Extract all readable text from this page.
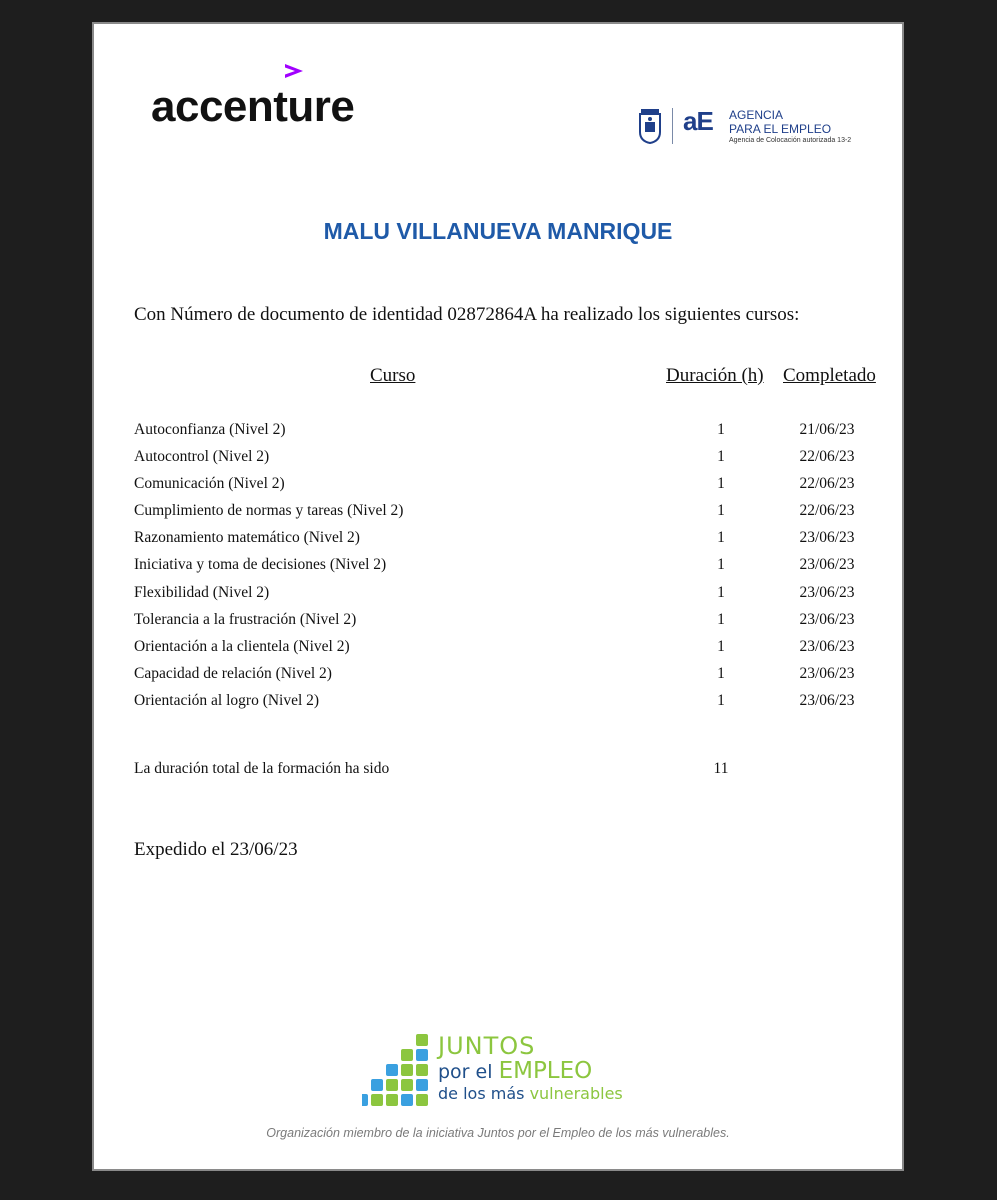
accenture	aE AGENCIA
PARA EL EMPLEO
Agencia de Colocación autorizada 13-2
MALU VILLANUEVA MANRIQUE
Con Número de documento de identidad 02872864A ha realizado los siguientes cursos:
Curso	Duración (h) Completado
Autoconfianza (Nivel 2)	1	21/06/23
Autocontrol (Nivel 2)	1	22/06/23
Comunicación (Nivel 2)	1	22/06/23
Cumplimiento de normas y tareas (Nivel 2)	1	22/06/23
Razonamiento matemático (Nivel 2)	1	23/06/23
Iniciativa y toma de decisiones (Nivel 2)	1	23/06/23
Flexibilidad (Nivel 2)	1	23/06/23
Tolerancia a la frustración (Nivel 2)	1	23/06/23
Orientación a la clientela (Nivel 2)	1	23/06/23
Capacidad de relación (Nivel 2)	1	23/06/23
Orientación al logro (Nivel 2)	1	23/06/23
La duración total de la formación ha sido	11
Expedido el 23/06/23
JUNTOS
por el EMPLEO
de los más vulnerables
Organización miembro de la iniciativa Juntos por el Empleo de los más vulnerables.
